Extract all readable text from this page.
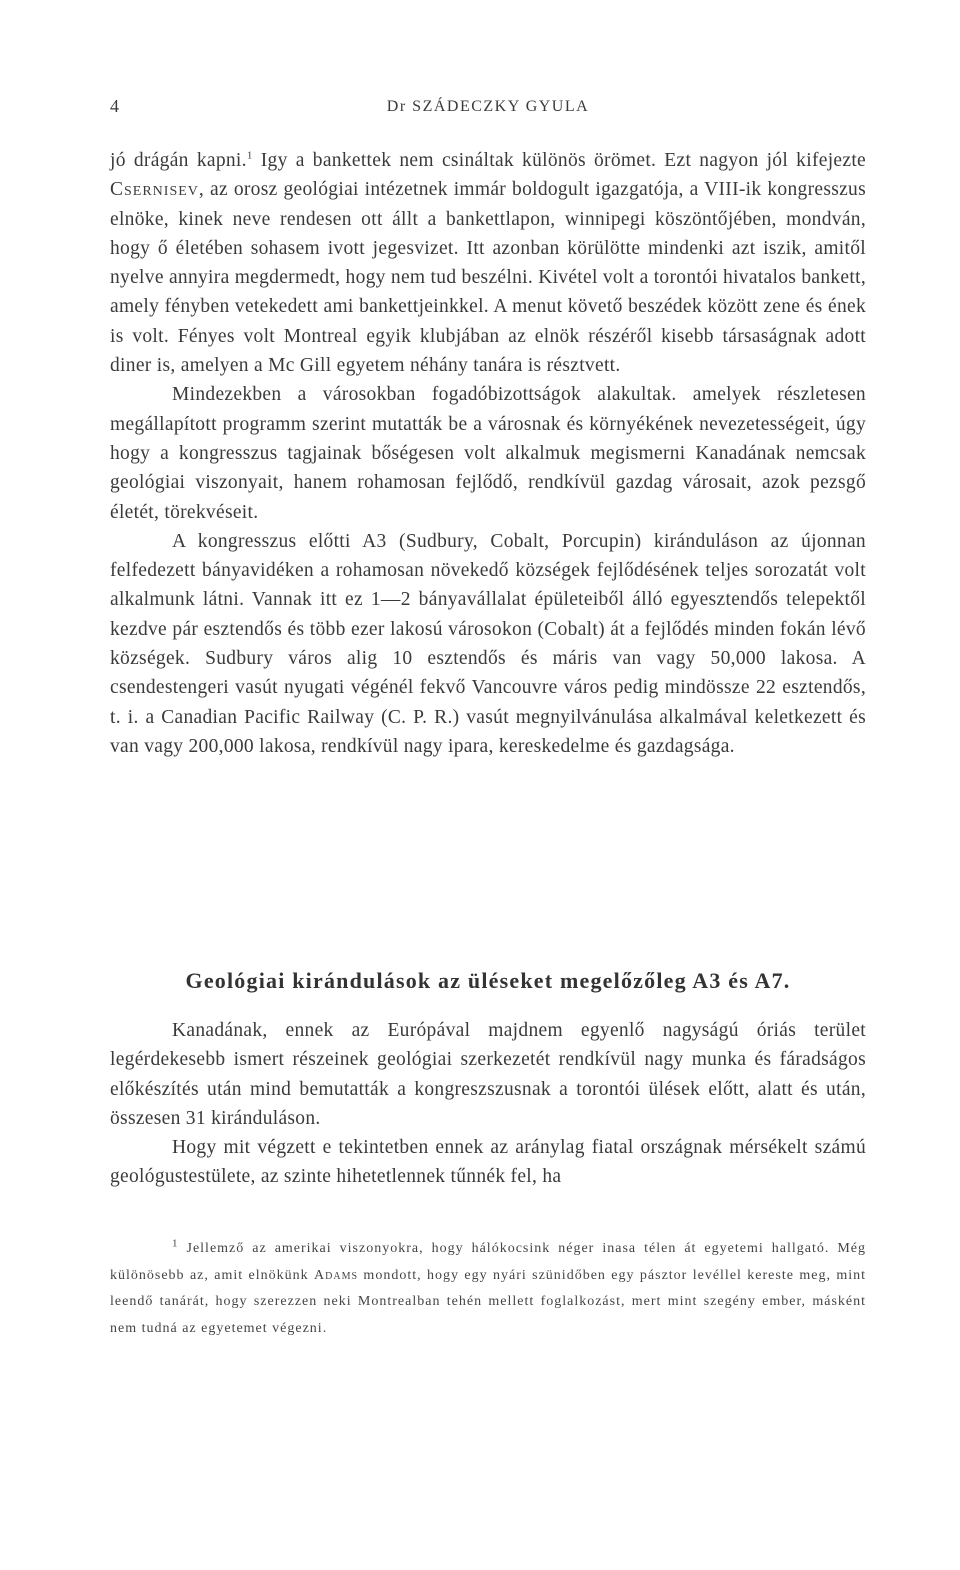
4	Dr SZÁDECZKY GYULA

jó drágán kapni.$^1$ Igy a bankettek nem csináltak különös örömet. Ezt nagyon jól kifejezte Csernisev, az orosz geológiai intézetnek immár boldogult igazgatója, a VIII-ik kongresszus elnöke, kinek neve rendesen ott állt a bankettlapon, winnipegi köszöntőjében, mondván, hogy ő életében sohasem ivott jegesvizet. Itt azonban körülötte mindenki azt iszik, amitől nyelve annyira megdermedt, hogy nem tud beszélni. Kivétel volt a torontói hivatalos bankett, amely fényben vetekedett ami bankettjeinkkel. A menut követő beszédek között zene és ének is volt. Fényes volt Montreal egyik klubjában az elnök részéről kisebb társaságnak adott diner is, amelyen a Mc Gill egyetem néhány tanára is résztvett.

Mindezekben a városokban fogadóbizottságok alakultak. amelyek részletesen megállapított programm szerint mutatták be a városnak és környékének nevezetességeit, úgy hogy a kongresszus tagjainak bőségesen volt alkalmuk megismerni Kanadának nemcsak geológiai viszonyait, hanem rohamosan fejlődő, rendkívül gazdag városait, azok pezsgő életét, törekvéseit.

A kongresszus előtti A3 (Sudbury, Cobalt, Porcupin) kiránduláson az újonnan felfedezett bányavidéken a rohamosan növekedő községek fejlődésének teljes sorozatát volt alkalmunk látni. Vannak itt ez 1—2 bányavállalat épületeiből álló egyesztendős telepektől kezdve pár esztendős és több ezer lakosú városokon (Cobalt) át a fejlődés minden fokán lévő községek. Sudbury város alig 10 esztendős és máris van vagy 50,000 lakosa. A csendestengeri vasút nyugati végénél fekvő Vancouvre város pedig mindössze 22 esztendős, t. i. a Canadian Pacific Railway (C. P. R.) vasút megnyilvánulása alkalmával keletkezett és van vagy 200,000 lakosa, rendkívül nagy ipara, kereskedelme és gazdagsága.

Geológiai kirándulások az üléseket megelőzőleg A3 és A7.

Kanadának, ennek az Európával majdnem egyenlő nagyságú óriás terület legérdekesebb ismert részeinek geológiai szerkezetét rendkívül nagy munka és fáradságos előkészítés után mind bemutatták a kongreszszusnak a torontói ülések előtt, alatt és után, összesen 31 kiránduláson.

Hogy mit végzett e tekintetben ennek az aránylag fiatal országnak mérsékelt számú geológustestülete, az szinte hihetetlennek tűnnék fel, ha

$^1$ Jellemző az amerikai viszonyokra, hogy hálókocsink néger inasa télen át egyetemi hallgató. Még különösebb az, amit elnökünk Adams mondott, hogy egy nyári szünidőben egy pásztor levéllel kereste meg, mint leendő tanárát, hogy szerezzen neki Montrealban tehén mellett foglalkozást, mert mint szegény ember, másként nem tudná az egyetemet végezni.
